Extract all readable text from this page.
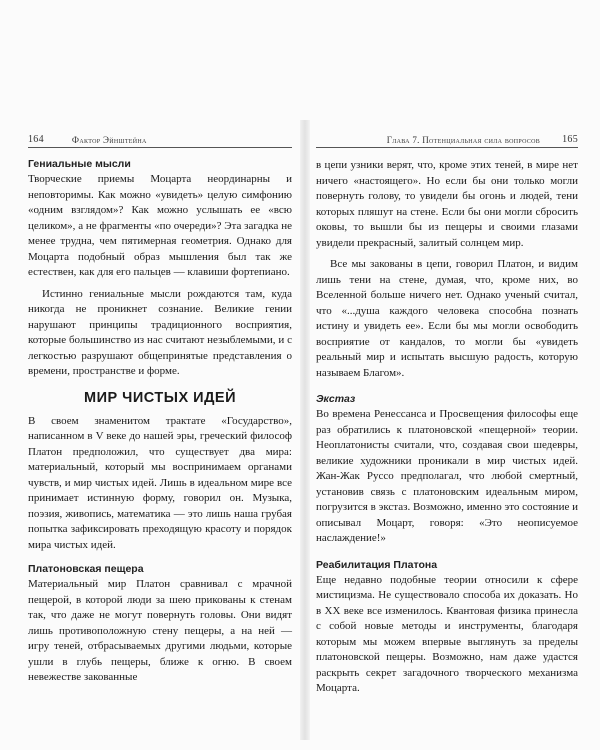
164	Фактор Эйнштейна
Гениальные мысли

Творческие приемы Моцарта неординарны и неповторимы. Как можно «увидеть» целую симфонию «одним взглядом»? Как можно услышать ее «всю целиком», а не фрагменты «по очереди»? Эта загадка не менее трудна, чем пятимерная геометрия. Однако для Моцарта подобный образ мышления был так же естествен, как для его пальцев — клавиши фортепиано.

Истинно гениальные мысли рождаются там, куда никогда не проникнет сознание. Великие гении нарушают принципы традиционного восприятия, которые большинство из нас считают незыблемыми, и с легкостью разрушают общепринятые представления о времени, пространстве и форме.

МИР ЧИСТЫХ ИДЕЙ

В своем знаменитом трактате «Государство», написанном в V веке до нашей эры, греческий философ Платон предположил, что существует два мира: материальный, который мы воспринимаем органами чувств, и мир чистых идей. Лишь в идеальном мире все принимает истинную форму, говорил он. Музыка, поэзия, живопись, математика — это лишь наша грубая попытка зафиксировать преходящую красоту и порядок мира чистых идей.

Платоновская пещера

Материальный мир Платон сравнивал с мрачной пещерой, в которой люди за шею прикованы к стенам так, что даже не могут повернуть головы. Они видят лишь противоположную стену пещеры, а на ней — игру теней, отбрасываемых другими людьми, которые ушли в глубь пещеры, ближе к огню. В своем невежестве закованные

Глава 7. Потенциальная сила вопросов 165

в цепи узники верят, что, кроме этих теней, в мире нет ничего «настоящего». Но если бы они только могли повернуть голову, то увидели бы огонь и людей, тени которых пляшут на стене. Если бы они могли сбросить оковы, то вышли бы из пещеры и своими глазами увидели прекрасный, залитый солнцем мир.

Все мы закованы в цепи, говорил Платон, и видим лишь тени на стене, думая, что, кроме них, во Вселенной больше ничего нет. Однако ученый считал, что «...душа каждого человека способна познать истину и увидеть ее». Если бы мы могли освободить восприятие от кандалов, то могли бы «увидеть реальный мир и испытать высшую радость, которую называем Благом».

Экстаз

Во времена Ренессанса и Просвещения философы еще раз обратились к платоновской «пещерной» теории. Неоплатонисты считали, что, создавая свои шедевры, великие художники проникали в мир чистых идей. Жан-Жак Руссо предполагал, что любой смертный, установив связь с платоновским идеальным миром, погрузится в экстаз. Возможно, именно это состояние и описывал Моцарт, говоря: «Это неописуемое наслаждение!»

Реабилитация Платона

Еще недавно подобные теории относили к сфере мистицизма. Не существовало способа их доказать. Но в XX веке все изменилось. Квантовая физика принесла с собой новые методы и инструменты, благодаря которым мы можем впервые выглянуть за пределы платоновской пещеры. Возможно, нам даже удастся раскрыть секрет загадочного творческого механизма Моцарта.
